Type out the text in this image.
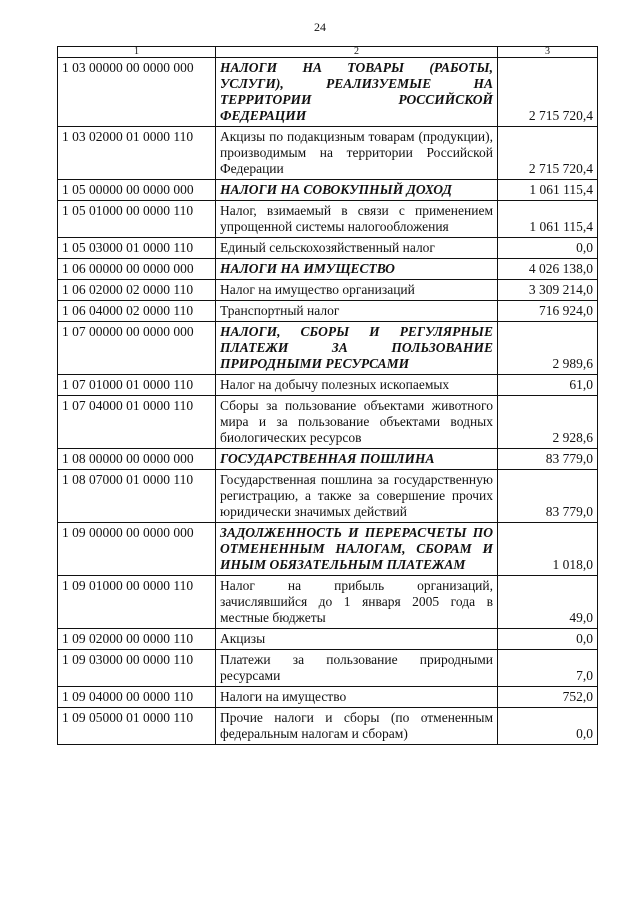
24
1	2	3
1 03 00000 00 0000 000	НАЛОГИ НА ТОВАРЫ (РАБОТЫ, УСЛУГИ), РЕАЛИЗУЕМЫЕ НА ТЕРРИТОРИИ РОССИЙСКОЙ ФЕДЕРАЦИИ	2 715 720,4
1 03 02000 01 0000 110	Акцизы по подакцизным товарам (продукции), производимым на территории Российской Федерации	2 715 720,4
1 05 00000 00 0000 000	НАЛОГИ НА СОВОКУПНЫЙ ДОХОД	1 061 115,4
1 05 01000 00 0000 110	Налог, взимаемый в связи с применением упрощенной системы налогообложения	1 061 115,4
1 05 03000 01 0000 110	Единый сельскохозяйственный налог	0,0
1 06 00000 00 0000 000	НАЛОГИ НА ИМУЩЕСТВО	4 026 138,0
1 06 02000 02 0000 110	Налог на имущество организаций	3 309 214,0
1 06 04000 02 0000 110	Транспортный налог	716 924,0
1 07 00000 00 0000 000	НАЛОГИ, СБОРЫ И РЕГУЛЯРНЫЕ ПЛАТЕЖИ ЗА ПОЛЬЗОВАНИЕ ПРИРОДНЫМИ РЕСУРСАМИ	2 989,6
1 07 01000 01 0000 110	Налог на добычу полезных ископаемых	61,0
1 07 04000 01 0000 110	Сборы за пользование объектами животного мира и за пользование объектами водных биологических ресурсов	2 928,6
1 08 00000 00 0000 000	ГОСУДАРСТВЕННАЯ ПОШЛИНА	83 779,0
1 08 07000 01 0000 110	Государственная пошлина за государственную регистрацию, а также за совершение прочих юридически значимых действий	83 779,0
1 09 00000 00 0000 000	ЗАДОЛЖЕННОСТЬ И ПЕРЕРАСЧЕТЫ ПО ОТМЕНЕННЫМ НАЛОГАМ, СБОРАМ И ИНЫМ ОБЯЗАТЕЛЬНЫМ ПЛАТЕЖАМ	1 018,0
1 09 01000 00 0000 110	Налог на прибыль организаций, зачислявшийся до 1 января 2005 года в местные бюджеты	49,0
1 09 02000 00 0000 110	Акцизы	0,0
1 09 03000 00 0000 110	Платежи за пользование природными ресурсами	7,0
1 09 04000 00 0000 110	Налоги на имущество	752,0
1 09 05000 01 0000 110	Прочие налоги и сборы (по отмененным федеральным налогам и сборам)	0,0
